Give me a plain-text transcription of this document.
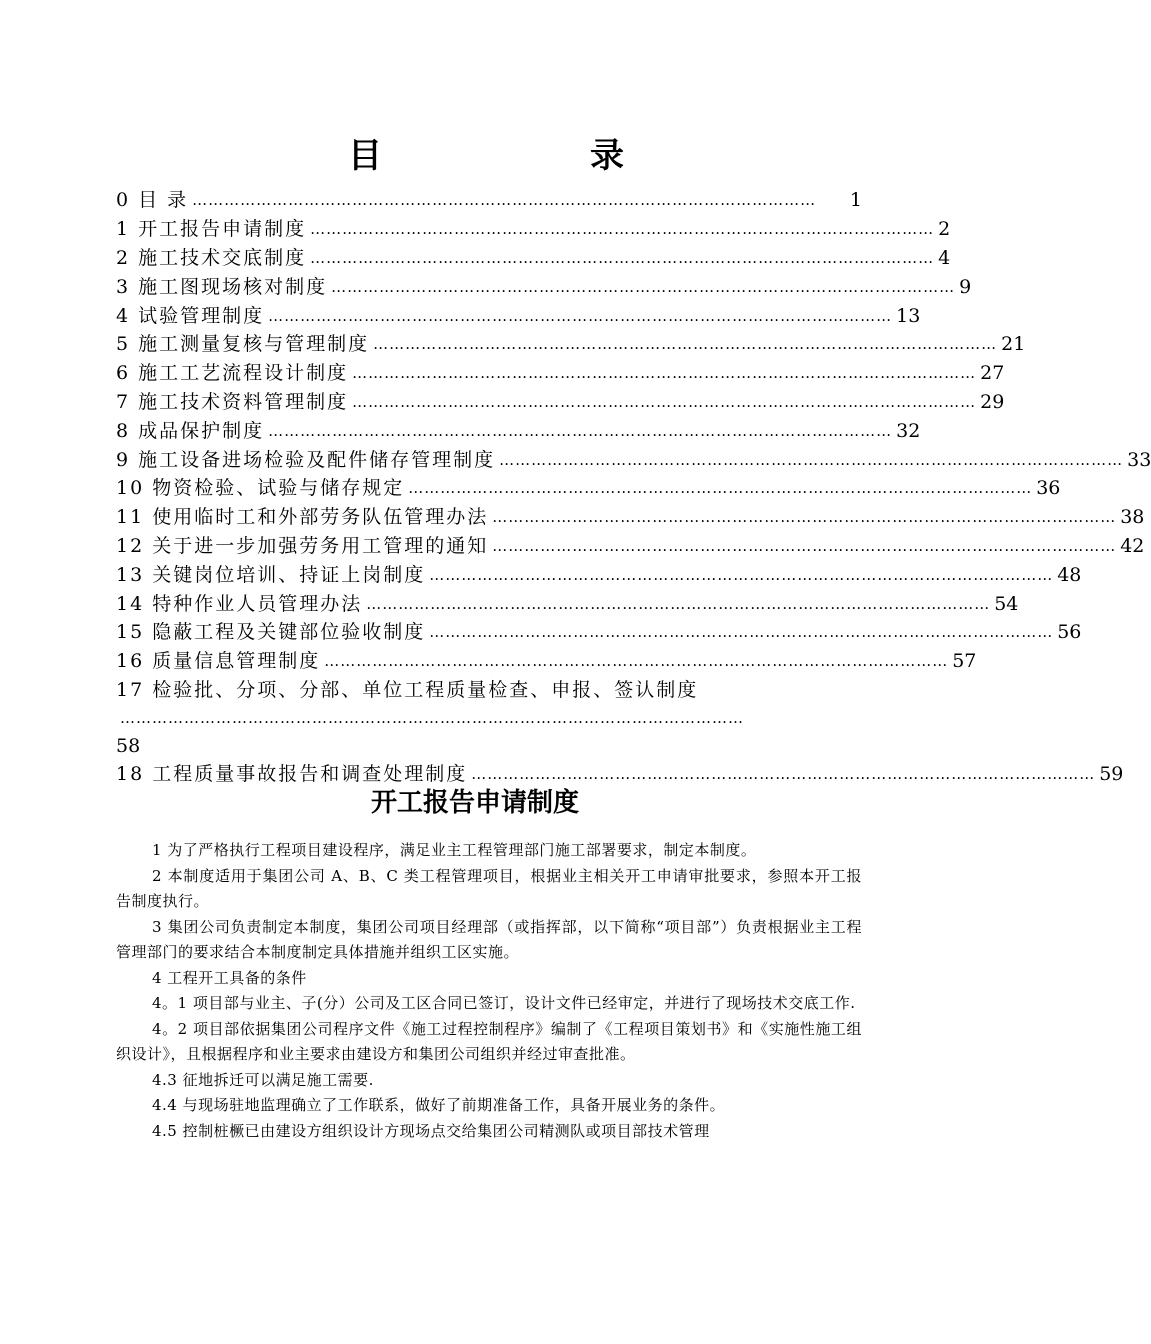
目	录
0 目 录 ………………………………………………………………………………………………………	1
1 开工报告申请制度 ……………………………………………………………………………………………………… 2
2 施工技术交底制度 ……………………………………………………………………………………………………… 4
3 施工图现场核对制度 ……………………………………………………………………………………………………… 9
4 试验管理制度 ……………………………………………………………………………………………………… 13
5 施工测量复核与管理制度 ……………………………………………………………………………………………………… 21
6 施工工艺流程设计制度 ……………………………………………………………………………………………………… 27
7 施工技术资料管理制度 ……………………………………………………………………………………………………… 29
8 成品保护制度 ……………………………………………………………………………………………………… 32
9 施工设备进场检验及配件储存管理制度 ……………………………………………………………………………………………………… 33
10 物资检验、试验与储存规定 ……………………………………………………………………………………………………… 36
11 使用临时工和外部劳务队伍管理办法 ……………………………………………………………………………………………………… 38
12 关于进一步加强劳务用工管理的通知 ……………………………………………………………………………………………………… 42
13 关键岗位培训、持证上岗制度 ……………………………………………………………………………………………………… 48
14 特种作业人员管理办法 ……………………………………………………………………………………………………… 54
15 隐蔽工程及关键部位验收制度 ……………………………………………………………………………………………………… 56
16 质量信息管理制度 ……………………………………………………………………………………………………… 57
17 检验批、分项、分部、单位工程质量检查、申报、签认制度
………………………………………………………………………………………………………
58
18 工程质量事故报告和调查处理制度 ……………………………………………………………………………………………………… 59
开工报告申请制度

1 为了严格执行工程项目建设程序，满足业主工程管理部门施工部署要求，制定本制度。

2 本制度适用于集团公司 A、B、C 类工程管理项目，根据业主相关开工申请审批要求，参照本开工报告制度执行。

3 集团公司负责制定本制度，集团公司项目经理部（或指挥部，以下简称“项目部”）负责根据业主工程管理部门的要求结合本制度制定具体措施并组织工区实施。

4 工程开工具备的条件

4。1 项目部与业主、子(分）公司及工区合同已签订，设计文件已经审定，并进行了现场技术交底工作.

4。2 项目部依据集团公司程序文件《施工过程控制程序》编制了《工程项目策划书》和《实施性施工组织设计》，且根据程序和业主要求由建设方和集团公司组织并经过审查批准。

4.3 征地拆迁可以满足施工需要.

4.4 与现场驻地监理确立了工作联系，做好了前期准备工作，具备开展业务的条件。

4.5 控制桩橛已由建设方组织设计方现场点交给集团公司精测队或项目部技术管理
